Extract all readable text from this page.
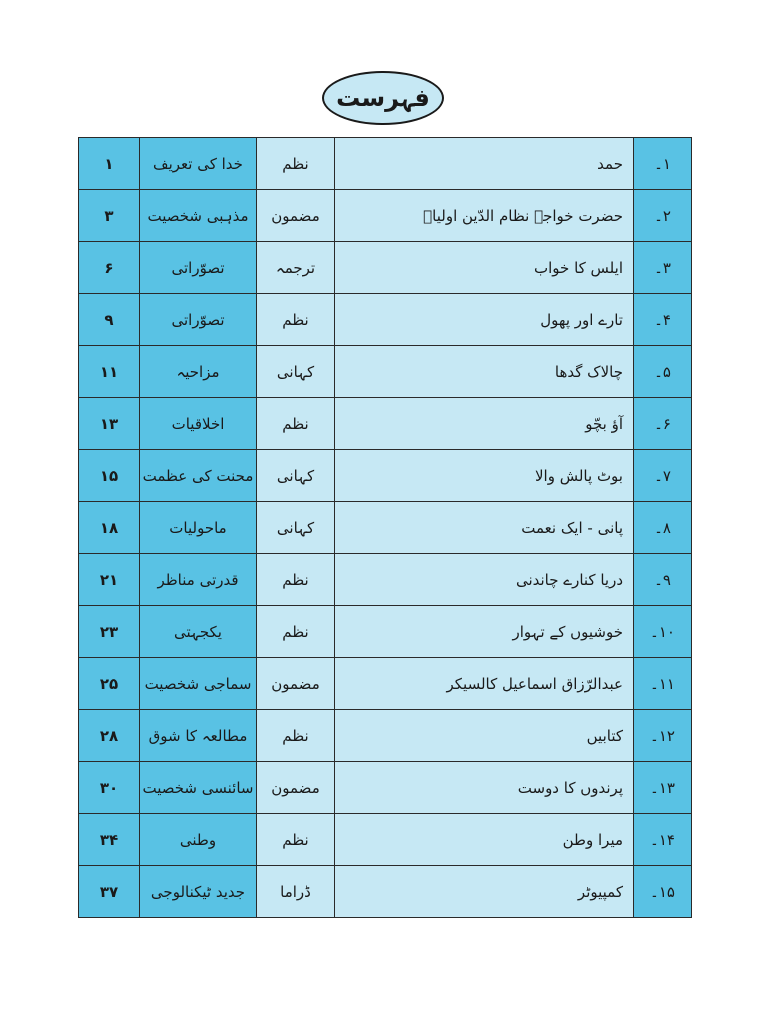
فہرست
۱۔	حمد	نظم	خدا کی تعریف	۱
۲۔	حضرت خواجہ نظام الدّین اولیاؒ	مضمون	مذہبی شخصیت	۳
۳۔	ایلس کا خواب	ترجمہ	تصوّراتی	۶
۴۔	تارے اور پھول	نظم	تصوّراتی	۹
۵۔	چالاک گدھا	کہانی	مزاحیہ	۱۱
۶۔	آؤ بچّو	نظم	اخلاقیات	۱۳
۷۔	بوٹ پالش والا	کہانی	محنت کی عظمت	۱۵
۸۔	پانی - ایک نعمت	کہانی	ماحولیات	۱۸
۹۔	دریا کنارے چاندنی	نظم	قدرتی مناظر	۲۱
۱۰۔	خوشیوں کے تہوار	نظم	یکجہتی	۲۳
۱۱۔	عبدالرّزاق اسماعیل کالسیکر	مضمون	سماجی شخصیت	۲۵
۱۲۔	کتابیں	نظم	مطالعہ کا شوق	۲۸
۱۳۔	پرندوں کا دوست	مضمون	سائنسی شخصیت	۳۰
۱۴۔	میرا وطن	نظم	وطنی	۳۴
۱۵۔	کمپیوٹر	ڈراما	جدید ٹیکنالوجی	۳۷
